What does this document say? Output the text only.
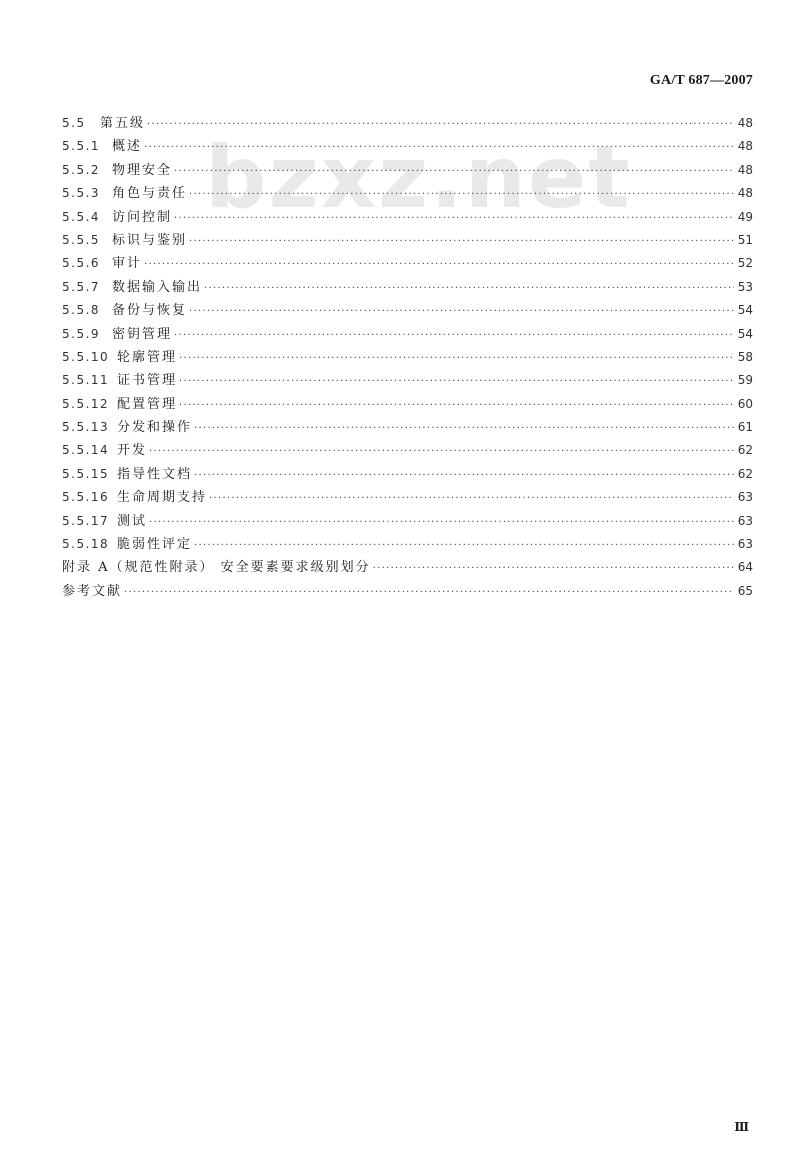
GA/T 687—2007
bzxz.net
5.5	第五级 ·····	48
5.5.1 概述 ·····	48
5.5.2 物理安全 ·····	48
5.5.3 角色与责任 ·····	48
5.5.4 访问控制 ·····	49
5.5.5 标识与鉴别 ·····	51
5.5.6 审计 ·····	52
5.5.7 数据输入输出 ·····	53
5.5.8 备份与恢复 ·····	54
5.5.9 密钥管理 ·····	54
5.5.10 轮廓管理 ·····	58
5.5.11 证书管理 ·····	59
5.5.12 配置管理 ·····	60
5.5.13 分发和操作 ·····	61
5.5.14 开发 ·····	62
5.5.15 指导性文档 ·····	62
5.5.16 生命周期支持 ·····	63
5.5.17 测试 ·····	63
5.5.18 脆弱性评定 ·····	63
附录 A（规范性附录） 安全要素要求级别划分 ·····	64
参考文献 ·····	65
Ⅲ
